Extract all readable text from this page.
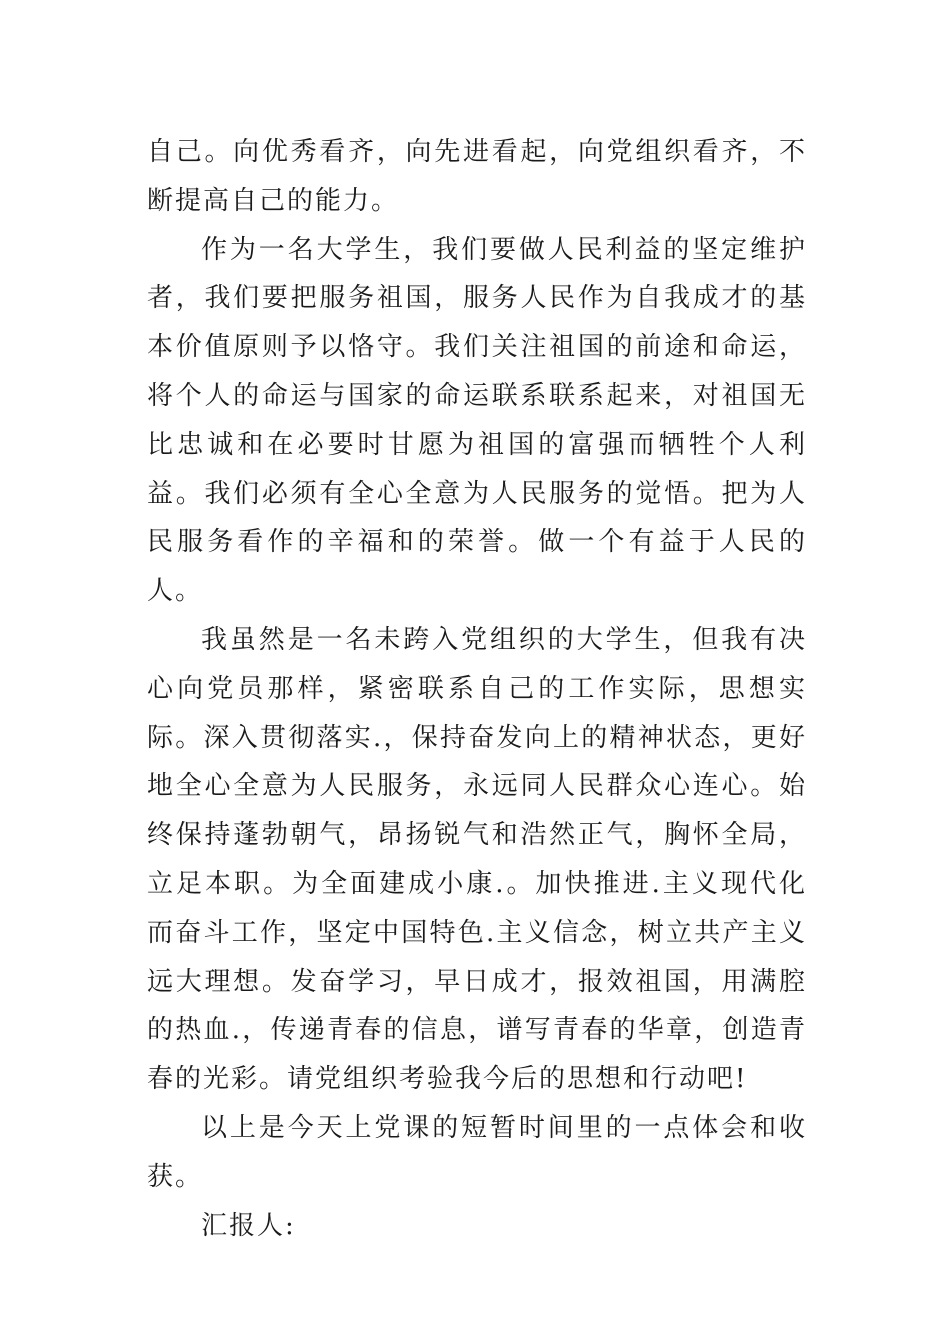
自己。向优秀看齐，向先进看起，向党组织看齐，不断提高自己的能力。

作为一名大学生，我们要做人民利益的坚定维护者，我们要把服务祖国，服务人民作为自我成才的基本价值原则予以恪守。我们关注祖国的前途和命运，将个人的命运与国家的命运联系联系起来，对祖国无比忠诚和在必要时甘愿为祖国的富强而牺牲个人利益。我们必须有全心全意为人民服务的觉悟。把为人民服务看作的辛福和的荣誉。做一个有益于人民的人。

我虽然是一名未跨入党组织的大学生，但我有决心向党员那样，紧密联系自己的工作实际，思想实际。深入贯彻落实.，保持奋发向上的精神状态，更好地全心全意为人民服务，永远同人民群众心连心。始终保持蓬勃朝气，昂扬锐气和浩然正气，胸怀全局，立足本职。为全面建成小康.。加快推进.主义现代化而奋斗工作，坚定中国特色.主义信念，树立共产主义远大理想。发奋学习，早日成才，报效祖国，用满腔的热血.，传递青春的信息，谱写青春的华章，创造青春的光彩。请党组织考验我今后的思想和行动吧!

以上是今天上党课的短暂时间里的一点体会和收获。

汇报人:
